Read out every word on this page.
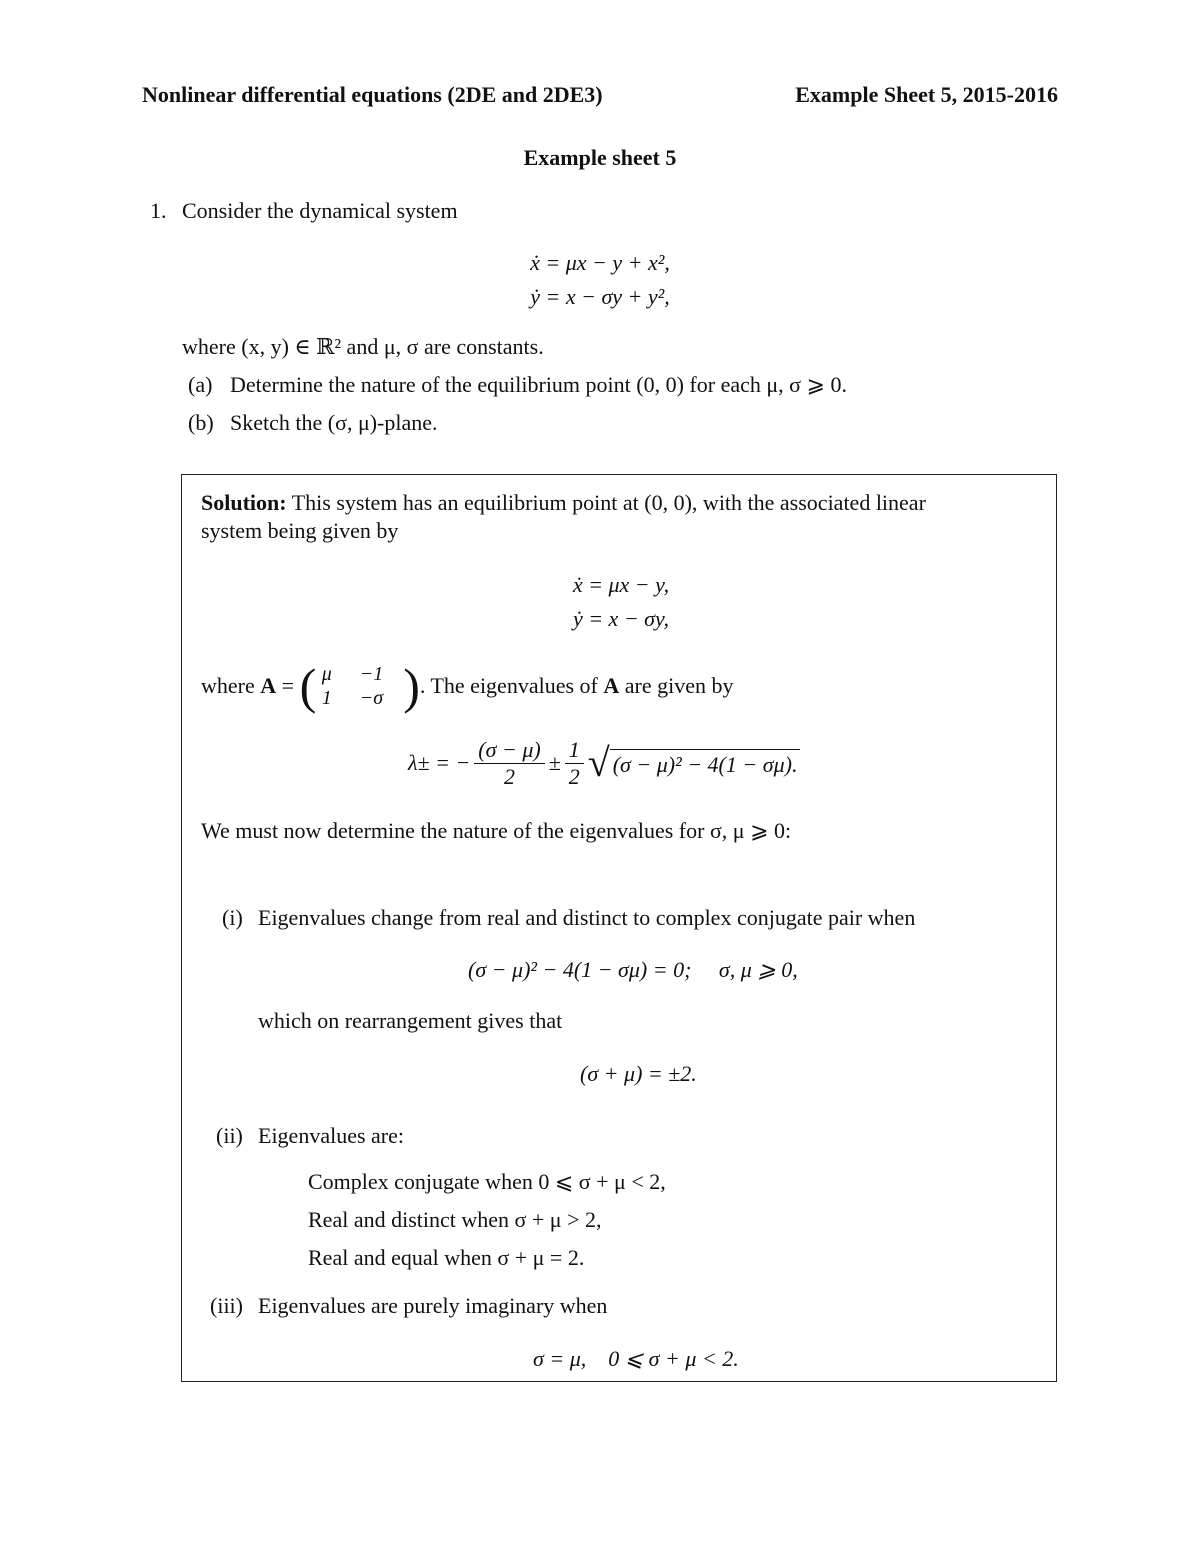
Nonlinear differential equations (2DE and 2DE3)	Example Sheet 5, 2015-2016
Example sheet 5
1. Consider the dynamical system
ẋ = μx − y + x²,
ẏ = x − σy + y²,
where (x, y) ∈ ℝ² and μ, σ are constants.
(a) Determine the nature of the equilibrium point (0, 0) for each μ, σ ⩾ 0.
(b) Sketch the (σ, μ)-plane.
Solution: This system has an equilibrium point at (0, 0), with the associated linear
system being given by
ẋ = μx − y,
ẏ = x − σy,
where
A
=
( μ	−1
1	−σ ) . The eigenvalues of
A
are given by
λ± = − $\frac{(\sigma - \mu)}{2} \pm \frac{1}{2}$ √ (σ − μ)² − 4(1 − σμ).
We must now determine the nature of the eigenvalues for σ, μ ⩾ 0:
(i) Eigenvalues change from real and distinct to complex conjugate pair when
(σ − μ)² − 4(1 − σμ) = 0;     σ, μ ⩾ 0,
which on rearrangement gives that
(σ + μ) = ±2.
(ii) Eigenvalues are:
Complex conjugate when 0 ⩽ σ + μ < 2,
Real and distinct when σ + μ > 2,
Real and equal when σ + μ = 2.
(iii) Eigenvalues are purely imaginary when
σ = μ,    0 ⩽ σ + μ < 2.
